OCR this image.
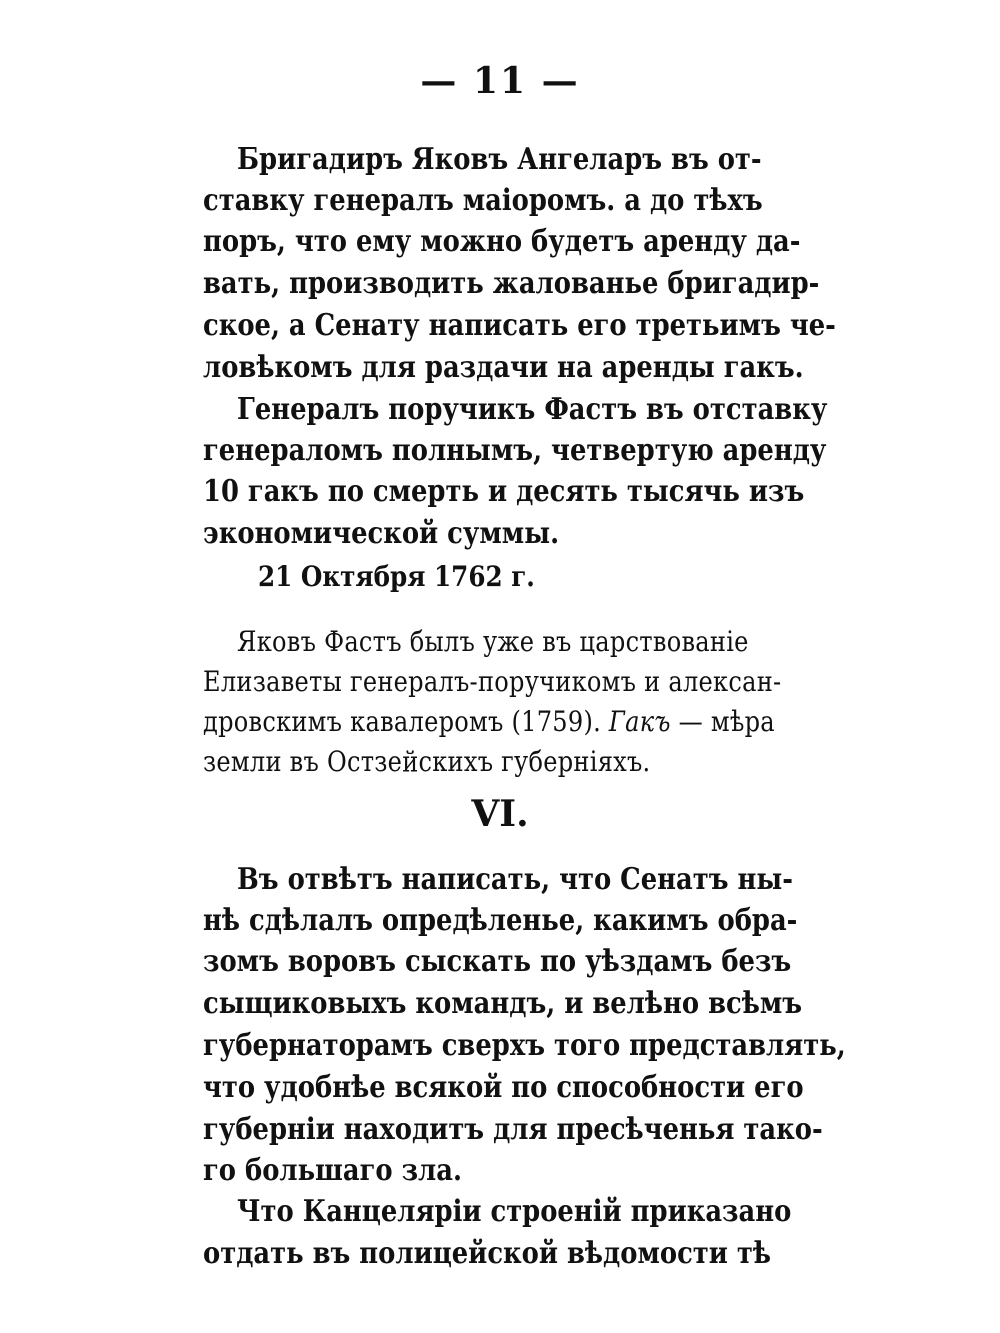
— 11 —
Бригадиръ Яковъ Ангеларъ въ от-
ставку генералъ маіоромъ. а до тѣхъ
поръ, что ему можно будетъ аренду да-
вать, производить жалованье бригадир-
ское, а Сенату написать его третьимъ че-
ловѣкомъ для раздачи на аренды гакъ.
Генералъ поручикъ Фастъ въ отставку
генераломъ полнымъ, четвертую аренду
10 гакъ по смерть и десять тысячь изъ
экономической суммы.
21 Октября 1762 г.
Яковъ Фастъ былъ уже въ царствованіе
Елизаветы генералъ-поручикомъ и алексан-
дровскимъ кавалеромъ (1759). Гакъ — мѣра
земли въ Остзейскихъ губерніяхъ.
VI.
Въ отвѣтъ написать, что Сенатъ ны-
нѣ сдѣлалъ опредѣленье, какимъ обра-
зомъ воровъ сыскать по уѣздамъ безъ
сыщиковыхъ командъ, и велѣно всѣмъ
губернаторамъ сверхъ того представлять,
что удобнѣе всякой по способности его
губерніи находитъ для пресѣченья тако-
го большаго зла.
Что Канцеляріи строеній приказано
отдать въ полицейской вѣдомости тѣ
